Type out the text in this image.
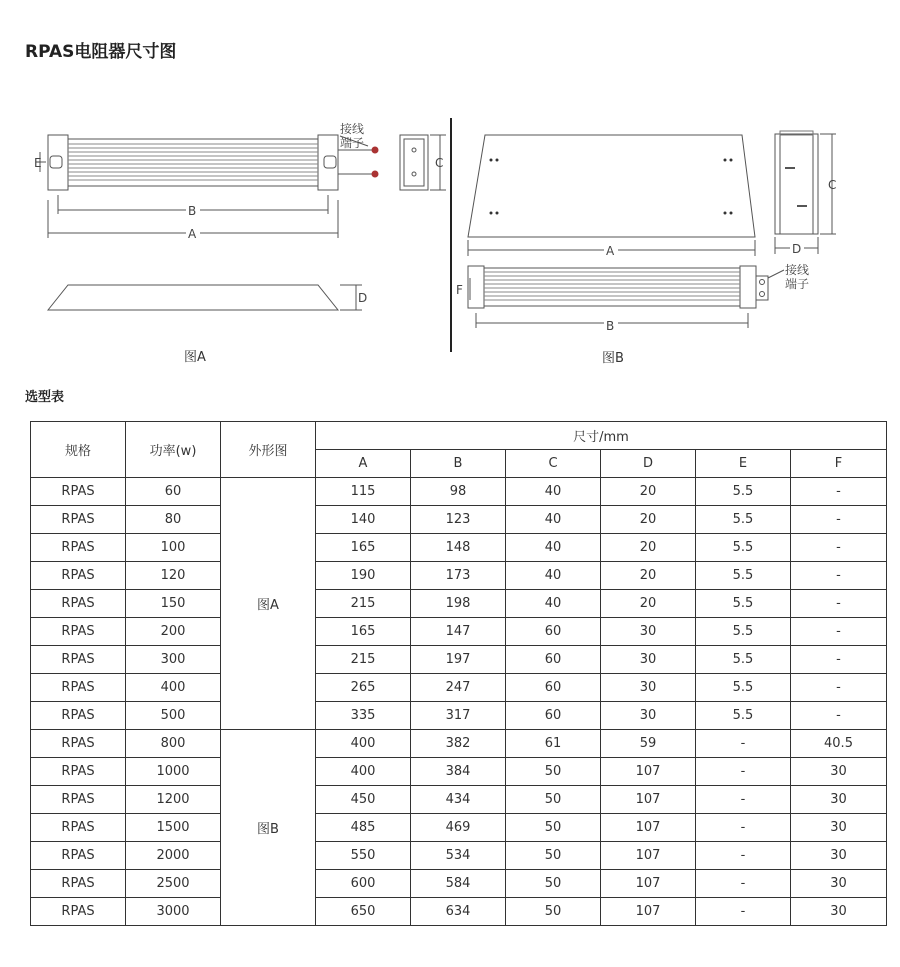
RPAS电阻器尺寸图
E
B
A
接线
端子
C
D
A
C
D
F
B
接线
端子
图A	图B
选型表
规格	功率(w)	外形图	尺寸/mm					
			A	B	C	D	E	F
RPAS	60	图A	115	98	40	20	5.5	-
RPAS	80		140	123	40	20	5.5	-
RPAS	100		165	148	40	20	5.5	-
RPAS	120		190	173	40	20	5.5	-
RPAS	150		215	198	40	20	5.5	-
RPAS	200		165	147	60	30	5.5	-
RPAS	300		215	197	60	30	5.5	-
RPAS	400		265	247	60	30	5.5	-
RPAS	500		335	317	60	30	5.5	-
RPAS	800	图B	400	382	61	59	-	40.5
RPAS	1000		400	384	50	107	-	30
RPAS	1200		450	434	50	107	-	30
RPAS	1500		485	469	50	107	-	30
RPAS	2000		550	534	50	107	-	30
RPAS	2500		600	584	50	107	-	30
RPAS	3000		650	634	50	107	-	30
